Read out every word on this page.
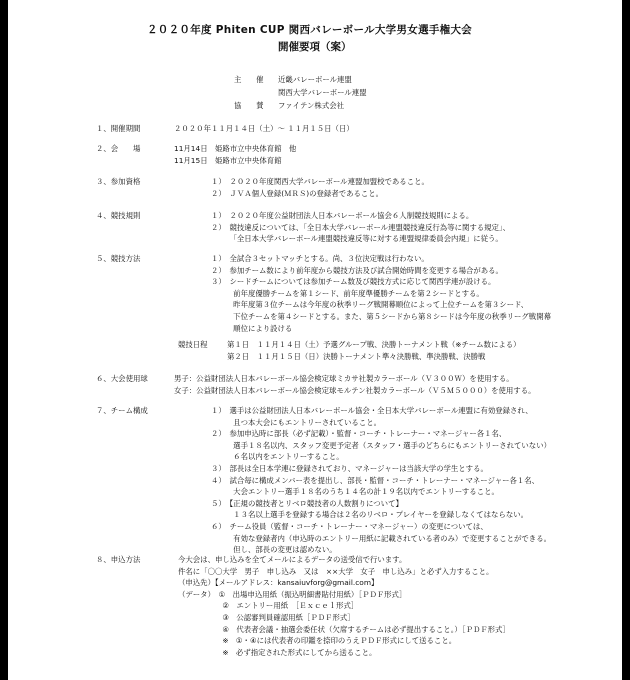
２０２０年度 Phiten CUP 関西バレーボール大学男女選手権大会
開催要項（案）
主　　催 近畿バレーボール連盟
関西大学バレーボール連盟
協　　賛 ファイテン株式会社
１、開催期間	２０２０年１１月１４日（土）～ １１月１５日（日）
２、会　　場	11月14日　姫路市立中央体育館　他
11月15日　姫路市立中央体育館
３、参加資格	１）　２０２０年度関西大学バレーボール連盟加盟校であること。
２）　ＪＶＡ個人登録(ＭＲＳ)の登録者であること。
４、競技規則	１）　２０２０年度公益財団法人日本バレーボール協会６人制競技規則による。
２）　競技違反については、「全日本大学バレーボール連盟競技違反行為等に関する規定」、
　　　「全日本大学バレーボール連盟競技違反等に対する連盟規律委員会内規」に従う。
５、競技方法	１）　全試合３セットマッチとする。尚、３位決定戦は行わない。
２）　参加チーム数により前年度から競技方法及び試合開始時間を変更する場合がある。
３）　シードチームについては参加チーム数及び競技方式に応じて関西学連が設ける。
　　　前年度優勝チームを第１シード、前年度準優勝チームを第２シードとする。
　　　昨年度第３位チームは今年度の秋季リーグ戦開幕順位によって上位チームを第３シード、
　　　下位チームを第４シードとする。また、第５シードから第８シードは今年度の秋季リーグ戦開幕
　　　順位により設ける
競技日程	第１日　１１月１４日（土）予選グループ戦、決勝トーナメント戦（※チーム数による）
第２日　１１月１５日（日）決勝トーナメント準々決勝戦、準決勝戦、決勝戦
６、大会使用球	男子：公益財団法人日本バレーボール協会検定球ミカサ社製カラーボール（Ｖ３００Ｗ）を使用する。
女子：公益財団法人日本バレーボール協会検定球モルテン社製カラーボール（Ｖ５Ｍ５０００）を使用する。
７、チーム構成	１）　選手は公益財団法人日本バレーボール協会・全日本大学バレーボール連盟に有効登録され、
　　　且つ本大会にもエントリーされていること。
２）　参加申込時に部長（必ず記載）・監督・コーチ・トレーナー・マネージャー各１名、
　　　選手１８名以内、スタッフ変更予定者（スタッフ・選手のどちらにもエントリーされていない）
　　　６名以内をエントリーすること。
３）　部長は全日本学連に登録されており、マネージャーは当該大学の学生とする。
４）　試合毎に構成メンバー表を提出し、部長・監督・コーチ・トレーナー・マネージャー各１名、
　　　大会エントリー選手１８名のうち１４名の計１９名以内でエントリーすること。
５）　【正規の競技者とリベロ競技者の人数割りについて】
　　　１３名以上選手を登録する場合は２名のリベロ・プレイヤーを登録しなくてはならない。
６）　チーム役員（監督・コーチ・トレーナー・マネージャー）の変更については、
　　　有効な登録者内（申込時のエントリー用紙に記載されている者のみ）で変更することができる。
　　　但し、部長の変更は認めない。
８、申込方法	今大会は、申し込みを全てメールによるデータの送受信で行います。
件名に「〇〇大学　男子　申し込み　又は　××大学　女子　申し込み」と必ず入力すること。
（申込先）【メールアドレス：kansaiuvforg@gmail.com】
（データ）　①　出場申込用紙（振込明細書貼付用紙）［ＰＤＦ形式］
　　　　　　②　エントリー用紙　［Ｅｘｃｅｌ形式］
　　　　　　③　公認審判員確認用紙［ＰＤＦ形式］
　　　　　　④　代表者会議・抽選会委任状（欠席するチームは必ず提出すること。）［ＰＤＦ形式］
　　　　　　※　①・④には代表者の印鑑を捺印のうえＰＤＦ形式にして送ること。
　　　　　　※　必ず指定された形式にしてから送ること。
